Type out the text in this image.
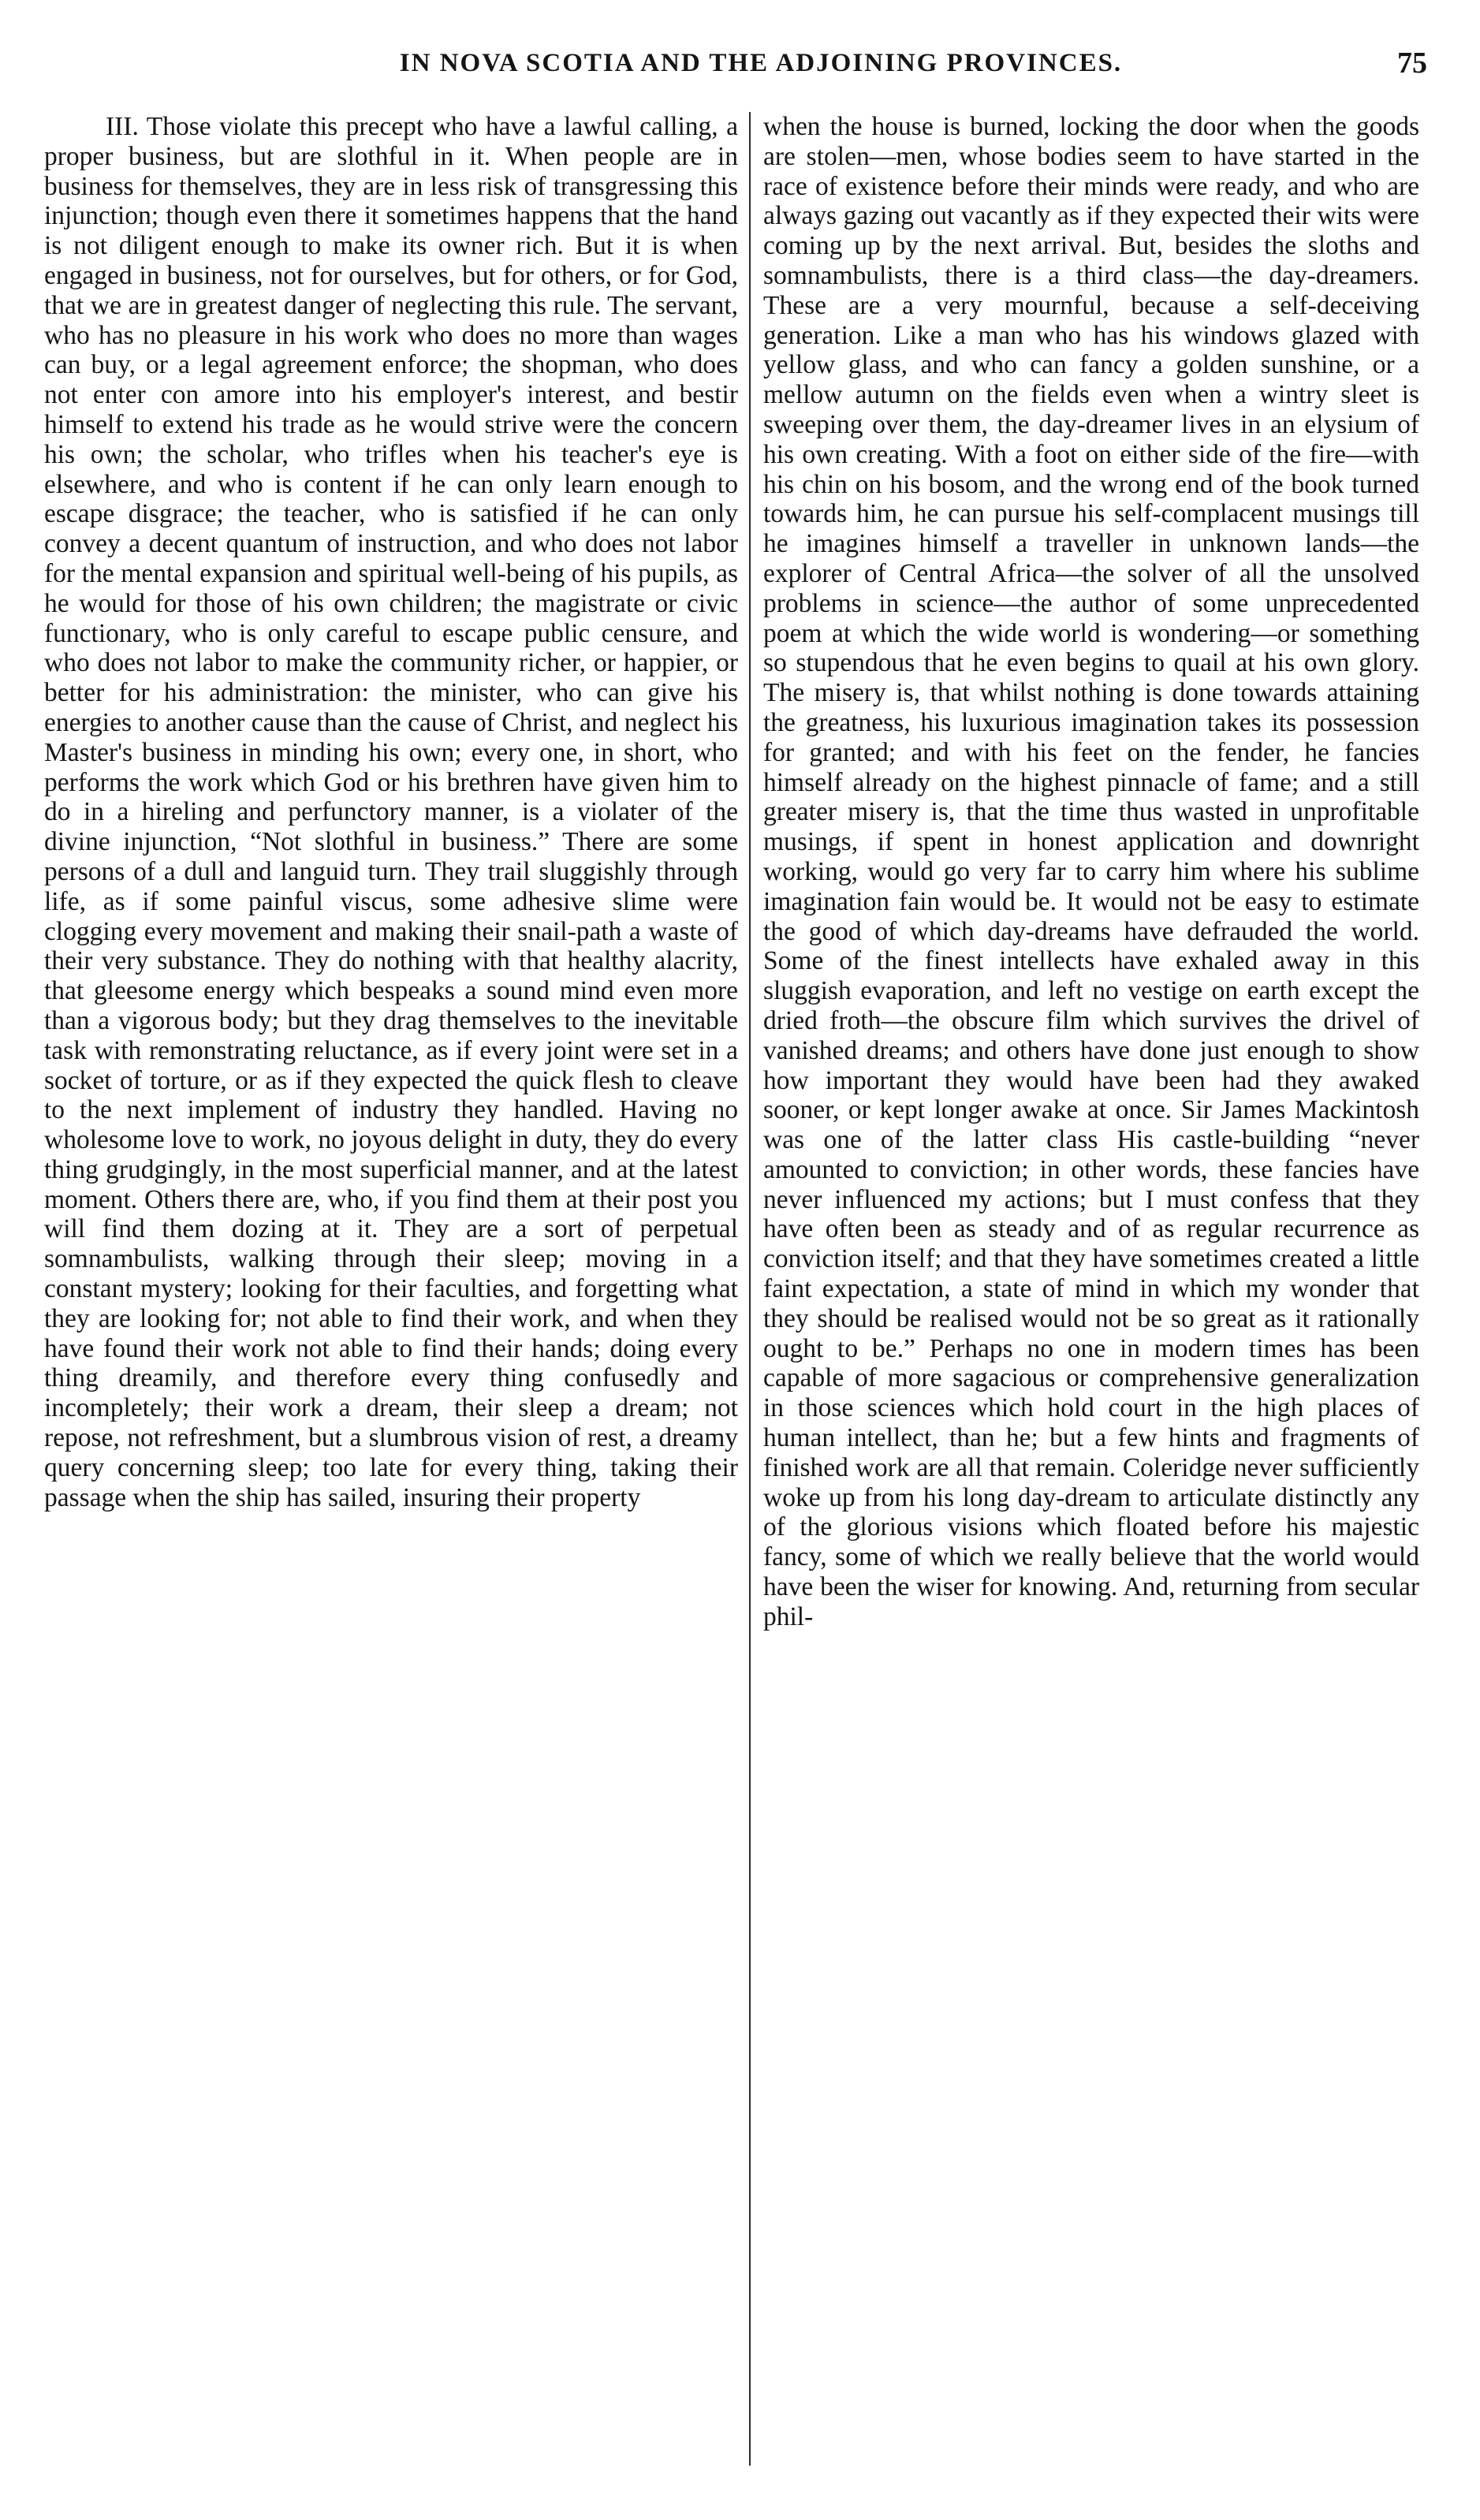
IN NOVA SCOTIA AND THE ADJOINING PROVINCES.	75

III. Those violate this precept who have a lawful calling, a proper business, but are slothful in it. When people are in business for themselves, they are in less risk of transgressing this injunction; though even there it sometimes happens that the hand is not diligent enough to make its owner rich. But it is when engaged in business, not for ourselves, but for others, or for God, that we are in greatest danger of neglecting this rule. The servant, who has no pleasure in his work who does no more than wages can buy, or a legal agreement enforce; the shopman, who does not enter con amore into his employer's interest, and bestir himself to extend his trade as he would strive were the concern his own; the scholar, who trifles when his teacher's eye is elsewhere, and who is content if he can only learn enough to escape disgrace; the teacher, who is satisfied if he can only convey a decent quantum of instruction, and who does not labor for the mental expansion and spiritual well-being of his pupils, as he would for those of his own children; the magistrate or civic functionary, who is only careful to escape public censure, and who does not labor to make the community richer, or happier, or better for his administration: the minister, who can give his energies to another cause than the cause of Christ, and neglect his Master's business in minding his own; every one, in short, who performs the work which God or his brethren have given him to do in a hireling and perfunctory manner, is a violater of the divine injunction, “Not slothful in business.” There are some persons of a dull and languid turn. They trail sluggishly through life, as if some painful viscus, some adhesive slime were clogging every movement and making their snail-path a waste of their very substance. They do nothing with that healthy alacrity, that gleesome energy which bespeaks a sound mind even more than a vigorous body; but they drag themselves to the inevitable task with remonstrating reluctance, as if every joint were set in a socket of torture, or as if they expected the quick flesh to cleave to the next implement of industry they handled. Having no wholesome love to work, no joyous delight in duty, they do every thing grudgingly, in the most superficial manner, and at the latest moment. Others there are, who, if you find them at their post you will find them dozing at it. They are a sort of perpetual somnambulists, walking through their sleep; moving in a constant mystery; looking for their faculties, and forgetting what they are looking for; not able to find their work, and when they have found their work not able to find their hands; doing every thing dreamily, and therefore every thing confusedly and incompletely; their work a dream, their sleep a dream; not repose, not refreshment, but a slumbrous vision of rest, a dreamy query concerning sleep; too late for every thing, taking their passage when the ship has sailed, insuring their property

when the house is burned, locking the door when the goods are stolen—men, whose bodies seem to have started in the race of existence before their minds were ready, and who are always gazing out vacantly as if they expected their wits were coming up by the next arrival. But, besides the sloths and somnambulists, there is a third class—the day-dreamers. These are a very mournful, because a self-deceiving generation. Like a man who has his windows glazed with yellow glass, and who can fancy a golden sunshine, or a mellow autumn on the fields even when a wintry sleet is sweeping over them, the day-dreamer lives in an elysium of his own creating. With a foot on either side of the fire—with his chin on his bosom, and the wrong end of the book turned towards him, he can pursue his self-complacent musings till he imagines himself a traveller in unknown lands—the explorer of Central Africa—the solver of all the unsolved problems in science—the author of some unprecedented poem at which the wide world is wondering—or something so stupendous that he even begins to quail at his own glory. The misery is, that whilst nothing is done towards attaining the greatness, his luxurious imagination takes its possession for granted; and with his feet on the fender, he fancies himself already on the highest pinnacle of fame; and a still greater misery is, that the time thus wasted in unprofitable musings, if spent in honest application and downright working, would go very far to carry him where his sublime imagination fain would be. It would not be easy to estimate the good of which day-dreams have defrauded the world. Some of the finest intellects have exhaled away in this sluggish evaporation, and left no vestige on earth except the dried froth—the obscure film which survives the drivel of vanished dreams; and others have done just enough to show how important they would have been had they awaked sooner, or kept longer awake at once. Sir James Mackintosh was one of the latter class His castle-building “never amounted to conviction; in other words, these fancies have never influenced my actions; but I must confess that they have often been as steady and of as regular recurrence as conviction itself; and that they have sometimes created a little faint expectation, a state of mind in which my wonder that they should be realised would not be so great as it rationally ought to be.” Perhaps no one in modern times has been capable of more sagacious or comprehensive generalization in those sciences which hold court in the high places of human intellect, than he; but a few hints and fragments of finished work are all that remain. Coleridge never sufficiently woke up from his long day-dream to articulate distinctly any of the glorious visions which floated before his majestic fancy, some of which we really believe that the world would have been the wiser for knowing. And, returning from secular phil-
